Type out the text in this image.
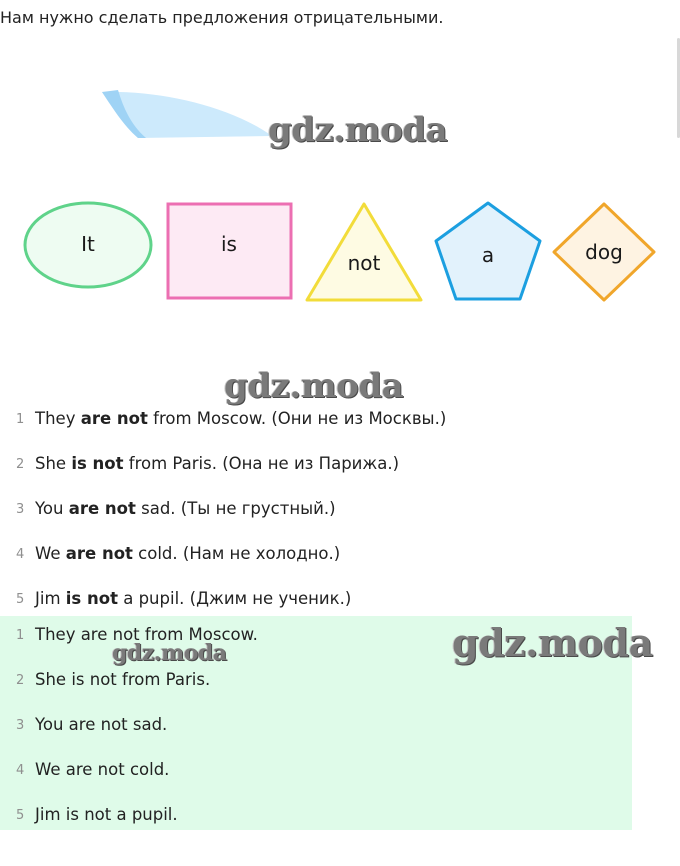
Нам нужно сделать предложения отрицательными.
gdz.moda
It	is
not	a	dog
gdz.moda
1 They are not from Moscow. (Они не из Москвы.)
2 She is not from Paris. (Она не из Парижа.)
3 You are not sad. (Ты не грустный.)
4 We are not cold. (Нам не холодно.)
5 Jim is not a pupil. (Джим не ученик.)
1 They are not from Moscow.
2 She is not from Paris.
3 You are not sad.
4 We are not cold.
5 Jim is not a pupil.
gdz.moda
gdz.moda
